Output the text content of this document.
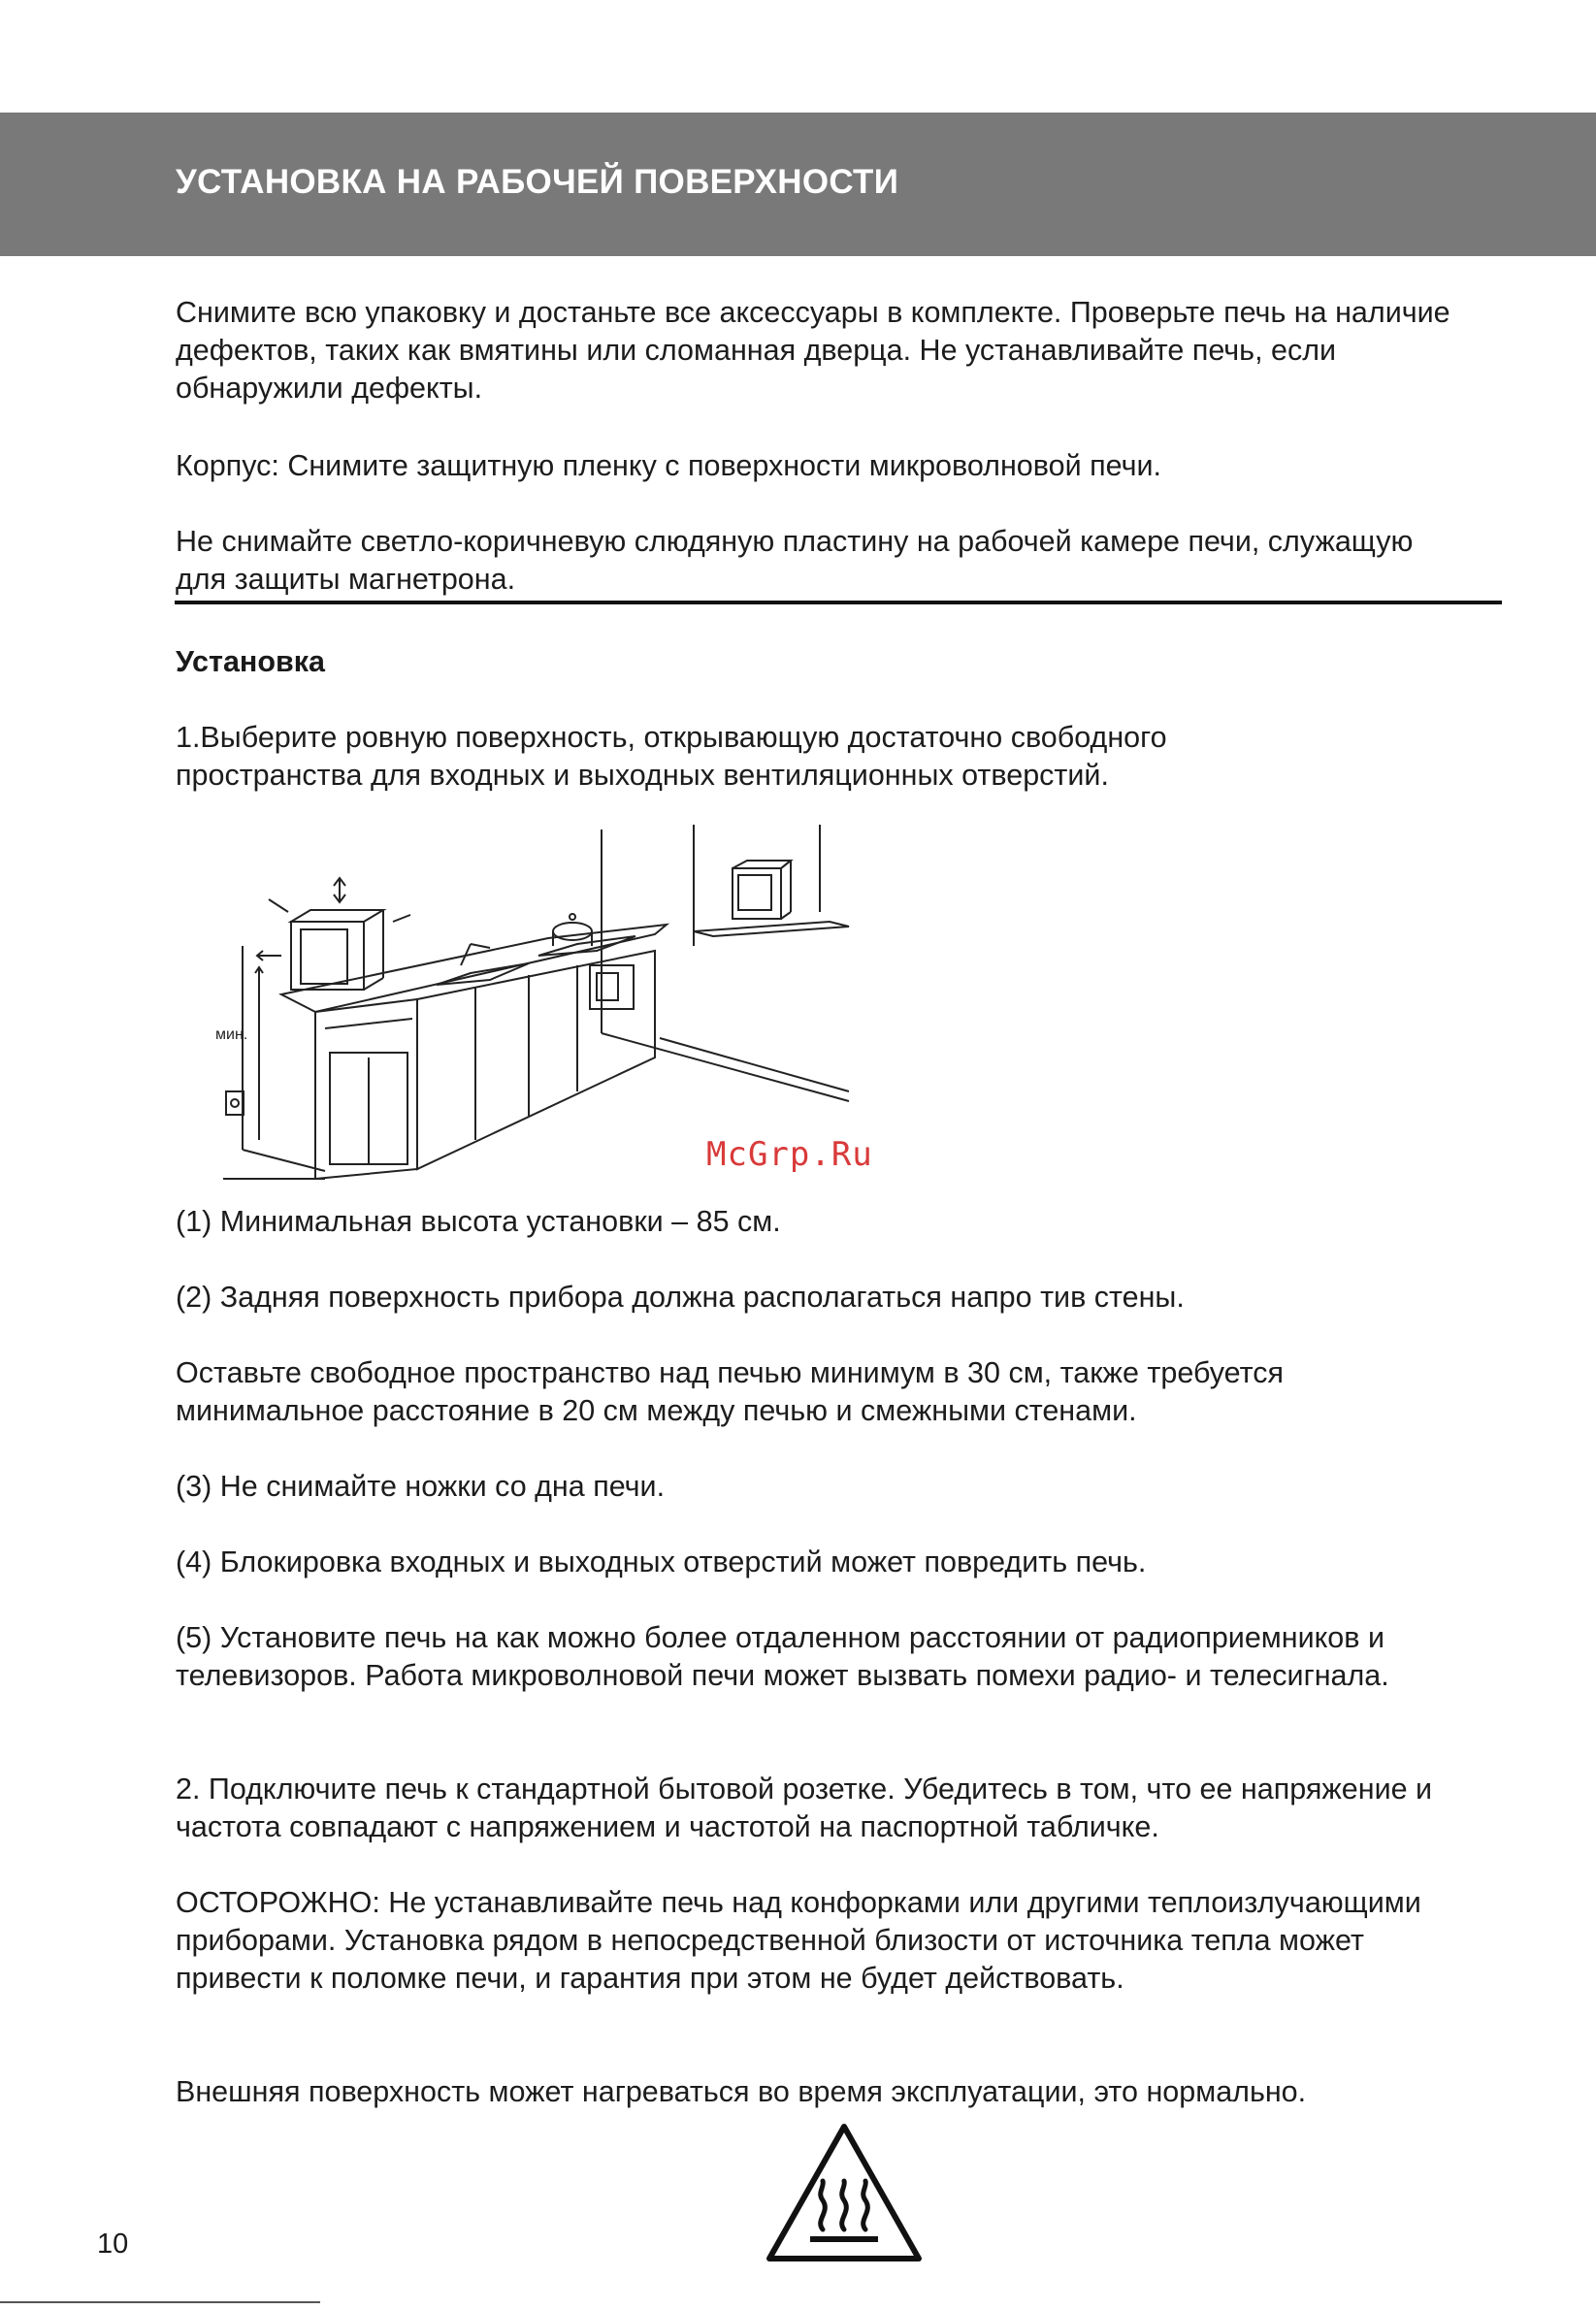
УСТАНОВКА НА РАБОЧЕЙ ПОВЕРХНОСТИ

Снимите всю упаковку и достаньте все аксессуары в комплекте. Проверьте печь на наличие дефектов, таких как вмятины или сломанная дверца. Не устанавливайте печь, если обнаружили дефекты.

Корпус: Снимите защитную пленку с поверхности микроволновой печи.

Не снимайте светло-коричневую слюдяную пластину на рабочей камере печи, служащую для защиты магнетрона.

Установка

1.Выберите ровную поверхность, открывающую достаточно свободного пространства для входных и выходных вентиляционных отверстий.

мин.
McGrp.Ru

(1) Минимальная высота установки – 85 см.

(2) Задняя поверхность прибора должна располагаться напро тив стены.

Оставьте свободное пространство над печью минимум в 30 см, также требуется минимальное расстояние в 20 см между печью и смежными стенами.

(3) Не снимайте ножки со дна печи.

(4) Блокировка входных и выходных отверстий может повредить печь.

(5) Установите печь на как можно более отдаленном расстоянии от радиоприемников и телевизоров. Работа микроволновой печи может вызвать помехи радио- и телесигнала.

2. Подключите печь к стандартной бытовой розетке. Убедитесь в том, что ее напряжение и частота совпадают с напряжением и частотой на паспортной табличке.

ОСТОРОЖНО: Не устанавливайте печь над конфорками или другими теплоизлучающими приборами. Установка рядом в непосредственной близости от источника тепла может привести к поломке печи, и гарантия при этом не будет действовать.

Внешняя поверхность может нагреваться во время эксплуатации, это нормально.

10
